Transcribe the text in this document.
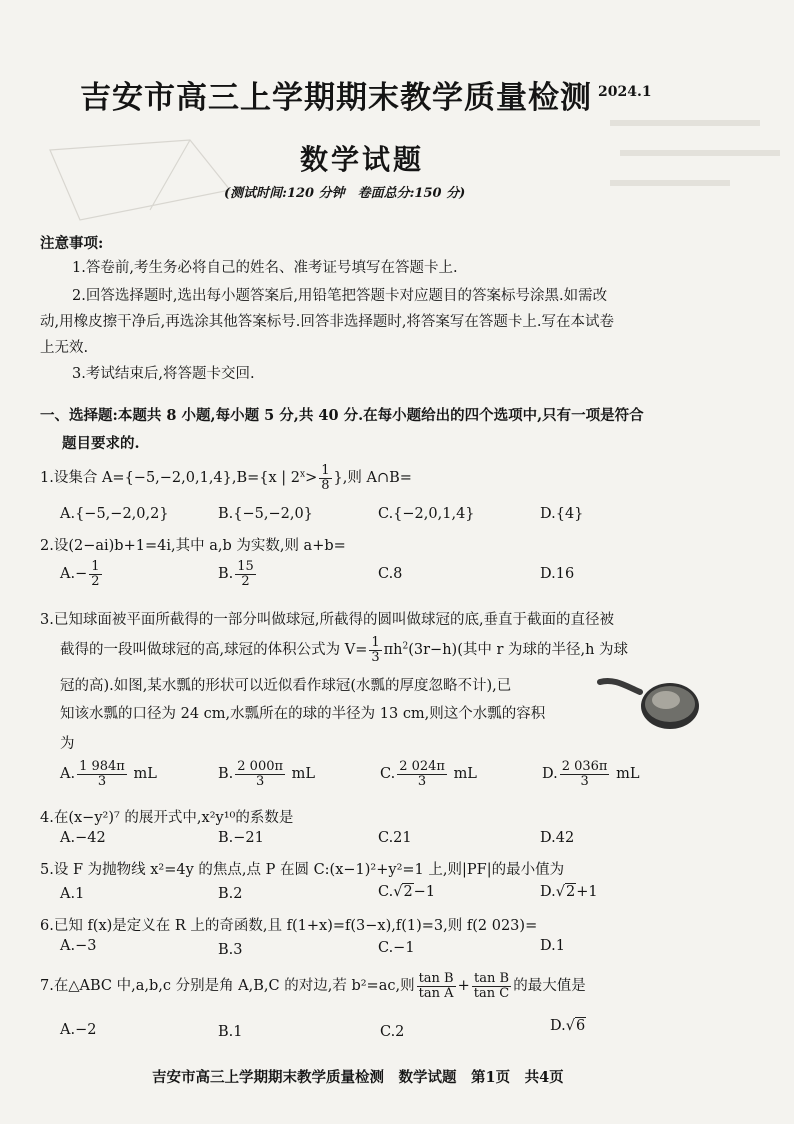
吉安市高三上学期期末教学质量检测 2024.1
数学试题
(测试时间:120 分钟　卷面总分:150 分)
注意事项:
1.答卷前,考生务必将自己的姓名、准考证号填写在答题卡上.
2.回答选择题时,选出每小题答案后,用铅笔把答题卡对应题目的答案标号涂黑.如需改
动,用橡皮擦干净后,再选涂其他答案标号.回答非选择题时,将答案写在答题卡上.写在本试卷
上无效.
3.考试结束后,将答题卡交回.
一、选择题:本题共 8 小题,每小题 5 分,共 40 分.在每小题给出的四个选项中,只有一项是符合
题目要求的.
1.设集合 A={−5,−2,0,1,4},B={x | $2^x> \frac{1}{8}$ },则 A∩B=
A.{−5,−2,0,2}	B.{−5,−2,0}	C.{−2,0,1,4}	D.{4}
2.设(2−ai)b+1=4i,其中 a,b 为实数,则 a+b=
$A.- \frac{1}{2}$	B. $\frac{15}{2}$	C.8	D.16
3.已知球面被平面所截得的一部分叫做球冠,所截得的圆叫做球冠的底,垂直于截面的直径被
截得的一段叫做球冠的高,球冠的体积公式为 $V= \frac{1}{3} \pi h^2(3r-h)$(其中 r 为球的半径,h 为球
冠的高).如图,某水瓢的形状可以近似看作球冠(水瓢的厚度忽略不计),已
知该水瓢的口径为 24 cm,水瓢所在的球的半径为 13 cm,则这个水瓢的容积
为
A. $\frac{1 984\pi}{3}$ mL	B. $\frac{2 000\pi}{3}$ mL	C. $\frac{2 024\pi}{3}$ mL	D. $\frac{2 036\pi}{3}$ mL
4.在(x−y²)⁷ 的展开式中,x²y¹⁰的系数是
A.−42	B.−21	C.21	D.42
5.设 F 为抛物线 x²=4y 的焦点,点 P 在圆 C:(x−1)²+y²=1 上,则|PF|的最小值为
A.1	B.2	C.√2−1	D.√2+1
6.已知 f(x)是定义在 R 上的奇函数,且 f(1+x)=f(3−x),f(1)=3,则 f(2 023)=
A.−3	B.3	C.−1	D.1
7.在△ABC 中,a,b,c 分别是角 A,B,C 的对边,若 b²=ac,则 $\frac{\text{tan B}}{\text{tan A}} + \frac{\text{tan B}}{\text{tan C}}$ 的最大值是
A.−2	B.1	C.2	D.√6
吉安市高三上学期期末教学质量检测　数学试题　第1页　共4页
